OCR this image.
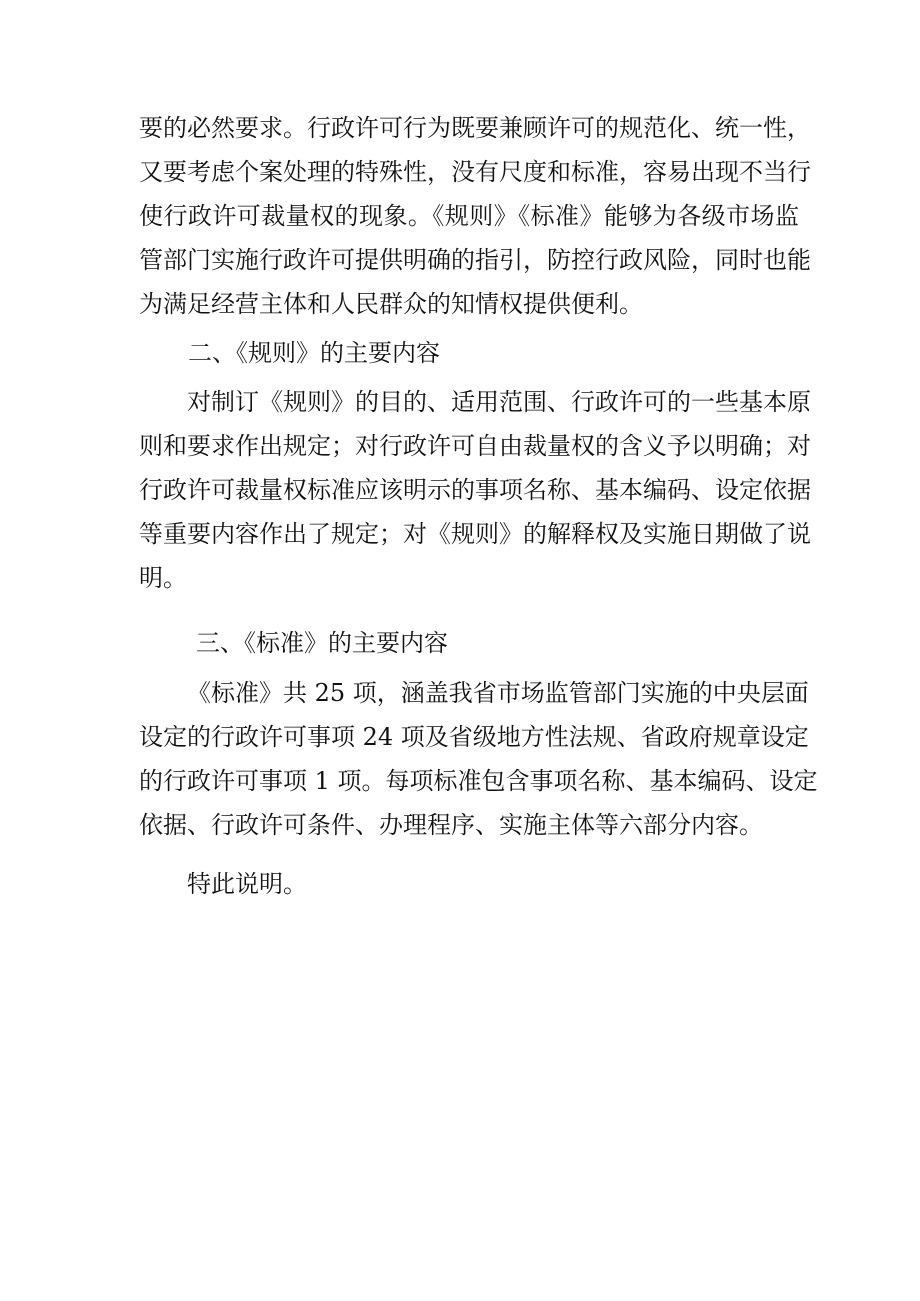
要的必然要求。行政许可行为既要兼顾许可的规范化、统一性，
又要考虑个案处理的特殊性，没有尺度和标准，容易出现不当行
使行政许可裁量权的现象。《规则》《标准》能够为各级市场监
管部门实施行政许可提供明确的指引，防控行政风险，同时也能
为满足经营主体和人民群众的知情权提供便利。
二、《规则》的主要内容
对制订《规则》的目的、适用范围、行政许可的一些基本原
则和要求作出规定；对行政许可自由裁量权的含义予以明确；对
行政许可裁量权标准应该明示的事项名称、基本编码、设定依据
等重要内容作出了规定；对《规则》的解释权及实施日期做了说
明。
三、《标准》的主要内容
《标准》共 25 项，涵盖我省市场监管部门实施的中央层面
设定的行政许可事项 24 项及省级地方性法规、省政府规章设定
的行政许可事项 1 项。每项标准包含事项名称、基本编码、设定
依据、行政许可条件、办理程序、实施主体等六部分内容。
特此说明。
